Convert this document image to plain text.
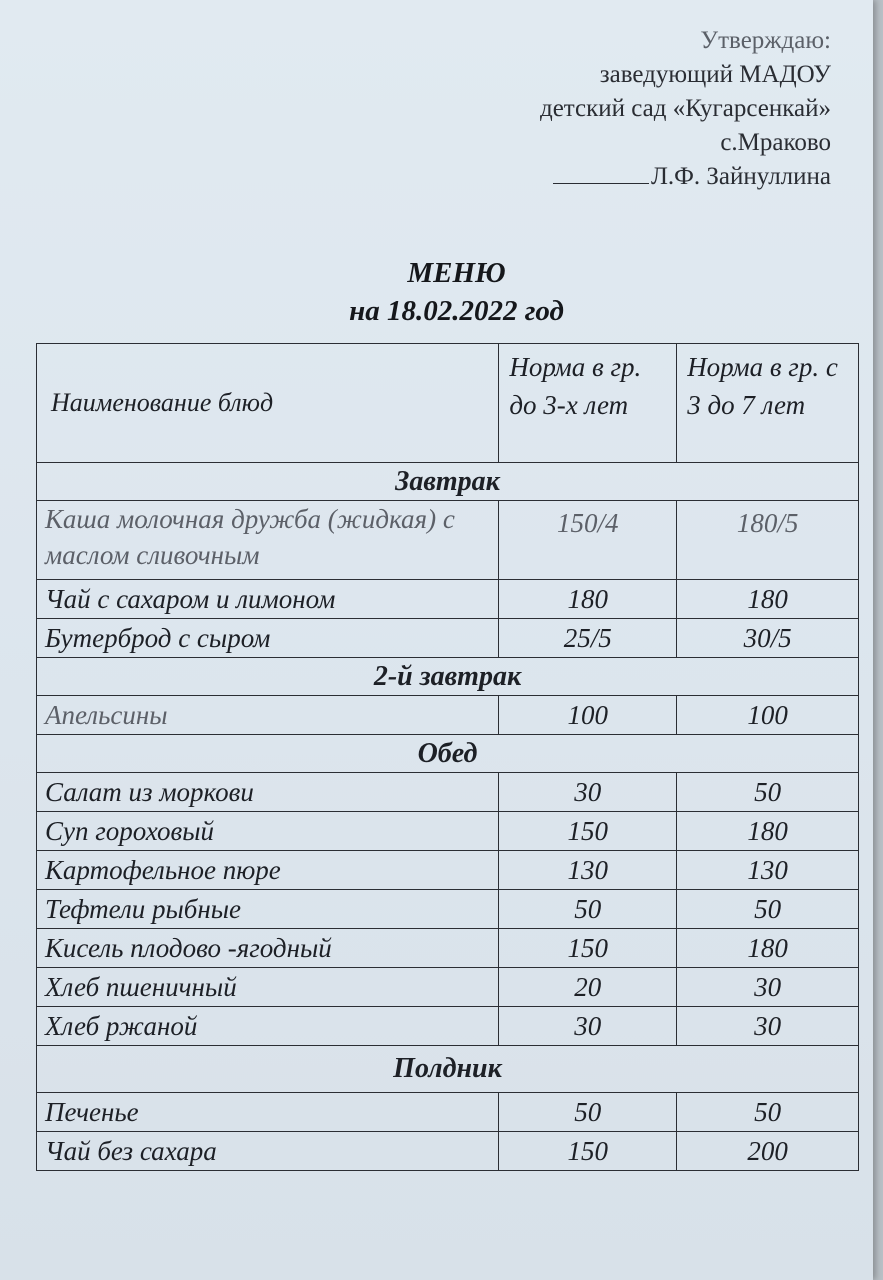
Утверждаю:
заведующий МАДОУ
детский сад «Кугарсенкай»
с.Мраково
Л.Ф. Зайнуллина
МЕНЮ
на 18.02.2022 год
Наименование блюд	Норма в гр. до 3-х лет	Норма в гр. с 3 до 7 лет
Завтрак		
Каша молочная дружба (жидкая) с маслом сливочным	150/4	180/5
Чай с сахаром и лимоном	180	180
Бутерброд с сыром	25/5	30/5
2-й завтрак		
Апельсины	100	100
Обед		
Салат из моркови	30	50
Суп гороховый	150	180
Картофельное пюре	130	130
Тефтели рыбные	50	50
Кисель плодово -ягодный	150	180
Хлеб пшеничный	20	30
Хлеб ржаной	30	30
Полдник		
Печенье	50	50
Чай без сахара	150	200
